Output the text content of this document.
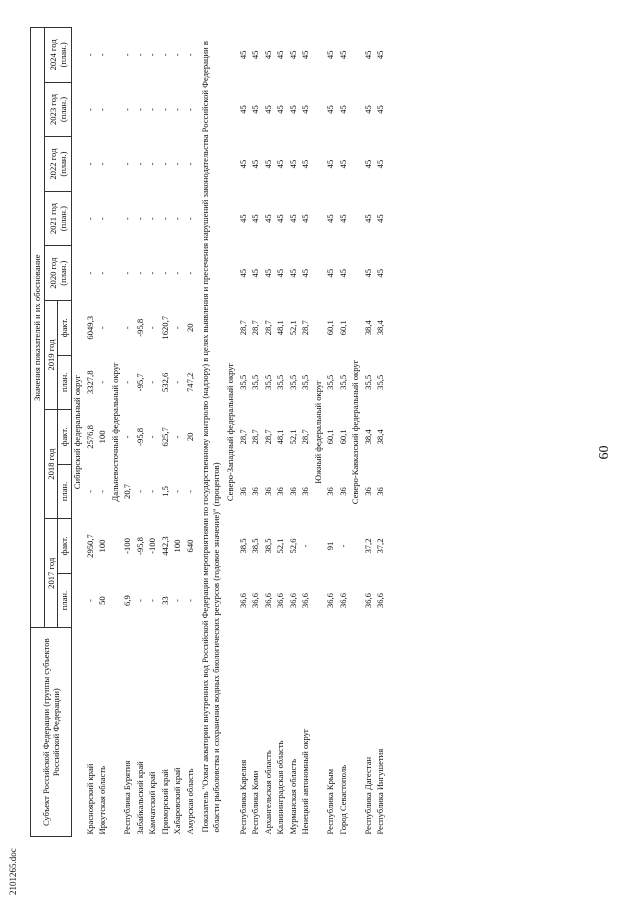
60
2101265.doc
Субъект Российской Федерации (группы субъектов Российской Федерации)	Значения показателей и их обоснование										
	2017 год		2018 год		2019 год		2020 год (план.)	2021 год (план.)	2022 год (план.)	2023 год (план.)	2024 год (план.)
	план.	факт.	план.	факт.	план.	факт.					
Сибирский федеральный округ											
Красноярский край	-	2950,7	-	2576,8	3327,8	6049,3	-	-	-	-	-
Иркутская область	50	100	-	100	-	-	-	-	-	-	-
Дальневосточный федеральный округ											
Республика Бурятия	6,9	-100	20,7	-	-	-	-	-	-	-	-
Забайкальский край	-	-95,8	-	-95,8	-95,7	-95,8	-	-	-	-	-
Камчатский край	-	-100	-	-	-	-	-	-	-	-	-
Приморский край	33	442,3	1,5	625,7	532,6	1620,7	-	-	-	-	-
Хабаровский край	-	100	-	-	-	-	-	-	-	-	-
Амурская область	-	640	-	20	747,2	20	-	-	-	-	-
Показатель "Охват акватории внутренних вод Российской Федерации мероприятиями по государственному контролю (надзору) в целях выявления и пресечения нарушений законодательства Российской Федерации в области рыболовства и сохранения водных биологических ресурсов (годовое значение)" (процентов)											
Северо-Западный федеральный округ											
Республика Карелия	36,6	38,5	36	28,7	35,5	28,7	45	45	45	45	45
Республика Коми	36,6	38,5	36	28,7	35,5	28,7	45	45	45	45	45
Архангельская область	36,6	38,5	36	28,7	35,5	28,7	45	45	45	45	45
Калининградская область	36,6	52,1	36	48,1	35,5	48,1	45	45	45	45	45
Мурманская область	36,6	52,6	36	52,1	35,5	52,1	45	45	45	45	45
Ненецкий автономный округ	36,6	-	36	28,7	35,5	28,7	45	45	45	45	45
Южный федеральный округ											
Республика Крым	36,6	91	36	60,1	35,5	60,1	45	45	45	45	45
Город Севастополь	36,6	-	36	60,1	35,5	60,1	45	45	45	45	45
Северо-Кавказский федеральный округ											
Республика Дагестан	36,6	37,2	36	38,4	35,5	38,4	45	45	45	45	45
Республика Ингушетия	36,6	37,2	36	38,4	35,5	38,4	45	45	45	45	45
